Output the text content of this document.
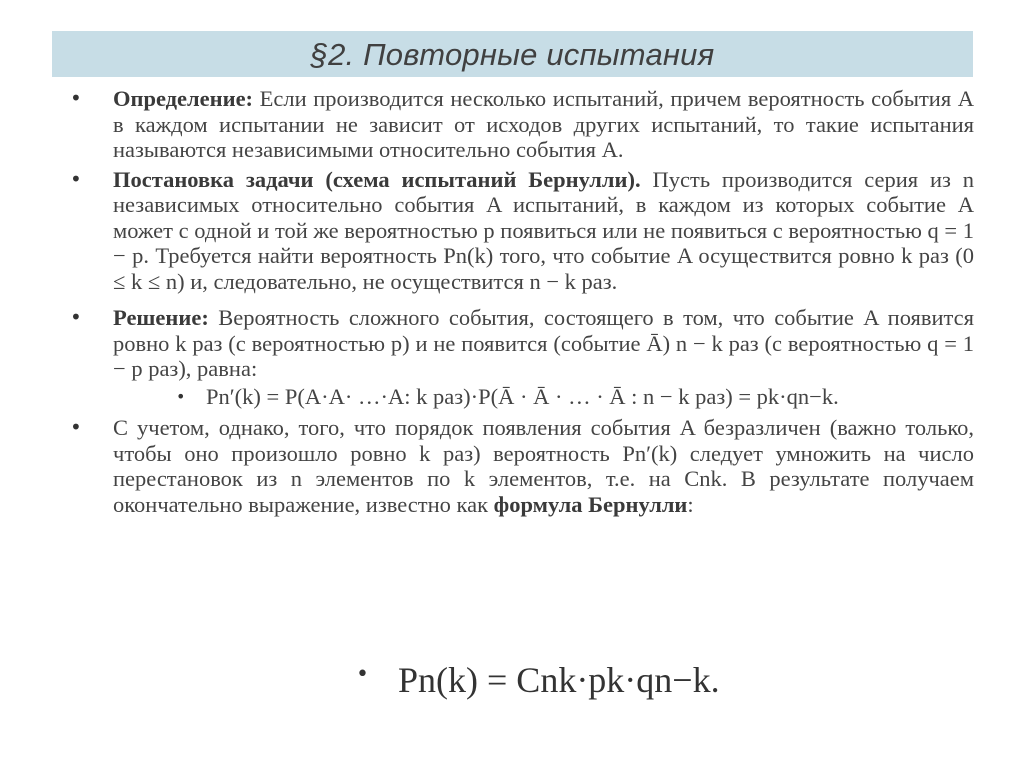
§2. Повторные испытания
• Определение: Если производится несколько испытаний, причем вероятность события A в каждом испытании не зависит от исходов других испытаний, то такие испытания называются независимыми относительно события A.
• Постановка задачи (схема испытаний Бернулли). Пусть производится серия из n независимых относительно события A испытаний, в каждом из которых событие A может с одной и той же вероятностью p появиться или не появиться с вероятностью q = 1 − p. Требуется найти вероятность Pn(k) того, что событие A осуществится ровно k раз (0 ≤ k ≤ n) и, следовательно, не осуществится n − k раз.
• Решение: Вероятность сложного события, состоящего в том, что событие A появится ровно k раз (с вероятностью p) и не появится (событие Ā) n − k раз (с вероятностью q = 1 − p раз), равна:
• Pn′(k) = P(A·A· …·A: k раз)·P(Ā · Ā · … · Ā : n − k раз) = pk·qn−k.
• С учетом, однако, того, что порядок появления события A безразличен (важно только, чтобы оно произошло ровно k раз) вероятность Pn′(k) следует умножить на число перестановок из n элементов по k элементов, т.е. на Cnk. В результате получаем окончательно выражение, известно как формула Бернулли:
• Pn(k) = Cnk·pk·qn−k.
